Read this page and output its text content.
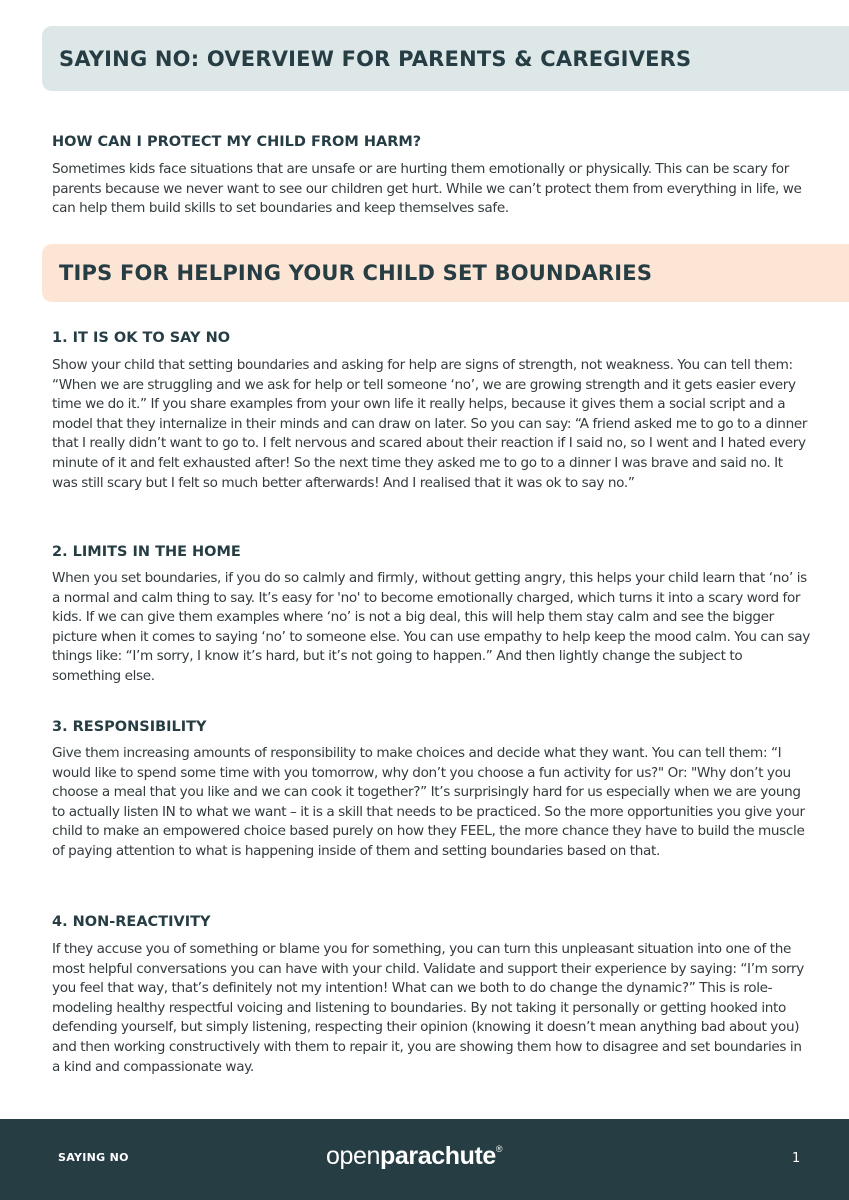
SAYING NO: OVERVIEW FOR PARENTS & CAREGIVERS
HOW CAN I PROTECT MY CHILD FROM HARM?

Sometimes kids face situations that are unsafe or are hurting them emotionally or physically. This can be scary for parents because we never want to see our children get hurt. While we can’t protect them from everything in life, we can help them build skills to set boundaries and keep themselves safe.

TIPS FOR HELPING YOUR CHILD SET BOUNDARIES
1. IT IS OK TO SAY NO

Show your child that setting boundaries and asking for help are signs of strength, not weakness. You can tell them: “When we are struggling and we ask for help or tell someone ‘no’, we are growing strength and it gets easier every time we do it.” If you share examples from your own life it really helps, because it gives them a social script and a model that they internalize in their minds and can draw on later. So you can say: “A friend asked me to go to a dinner that I really didn’t want to go to. I felt nervous and scared about their reaction if I said no, so I went and I hated every minute of it and felt exhausted after! So the next time they asked me to go to a dinner I was brave and said no. It was still scary but I felt so much better afterwards! And I realised that it was ok to say no.”

2. LIMITS IN THE HOME

When you set boundaries, if you do so calmly and firmly, without getting angry, this helps your child learn that ‘no’ is a normal and calm thing to say. It’s easy for 'no' to become emotionally charged, which turns it into a scary word for kids. If we can give them examples where ‘no’ is not a big deal, this will help them stay calm and see the bigger picture when it comes to saying ‘no’ to someone else. You can use empathy to help keep the mood calm. You can say things like: “I’m sorry, I know it’s hard, but it’s not going to happen.” And then lightly change the subject to something else.

3. RESPONSIBILITY

Give them increasing amounts of responsibility to make choices and decide what they want. You can tell them: “I would like to spend some time with you tomorrow, why don’t you choose a fun activity for us?" Or: "Why don’t you choose a meal that you like and we can cook it together?” It’s surprisingly hard for us especially when we are young to actually listen IN to what we want – it is a skill that needs to be practiced. So the more opportunities you give your child to make an empowered choice based purely on how they FEEL, the more chance they have to build the muscle of paying attention to what is happening inside of them and setting boundaries based on that.

4. NON-REACTIVITY

If they accuse you of something or blame you for something, you can turn this unpleasant situation into one of the most helpful conversations you can have with your child. Validate and support their experience by saying: “I’m sorry you feel that way, that’s definitely not my intention! What can we both to do change the dynamic?” This is role-modeling healthy respectful voicing and listening to boundaries. By not taking it personally or getting hooked into defending yourself, but simply listening, respecting their opinion (knowing it doesn’t mean anything bad about you) and then working constructively with them to repair it, you are showing them how to disagree and set boundaries in a kind and compassionate way.

SAYING NO	openparachute®
1
